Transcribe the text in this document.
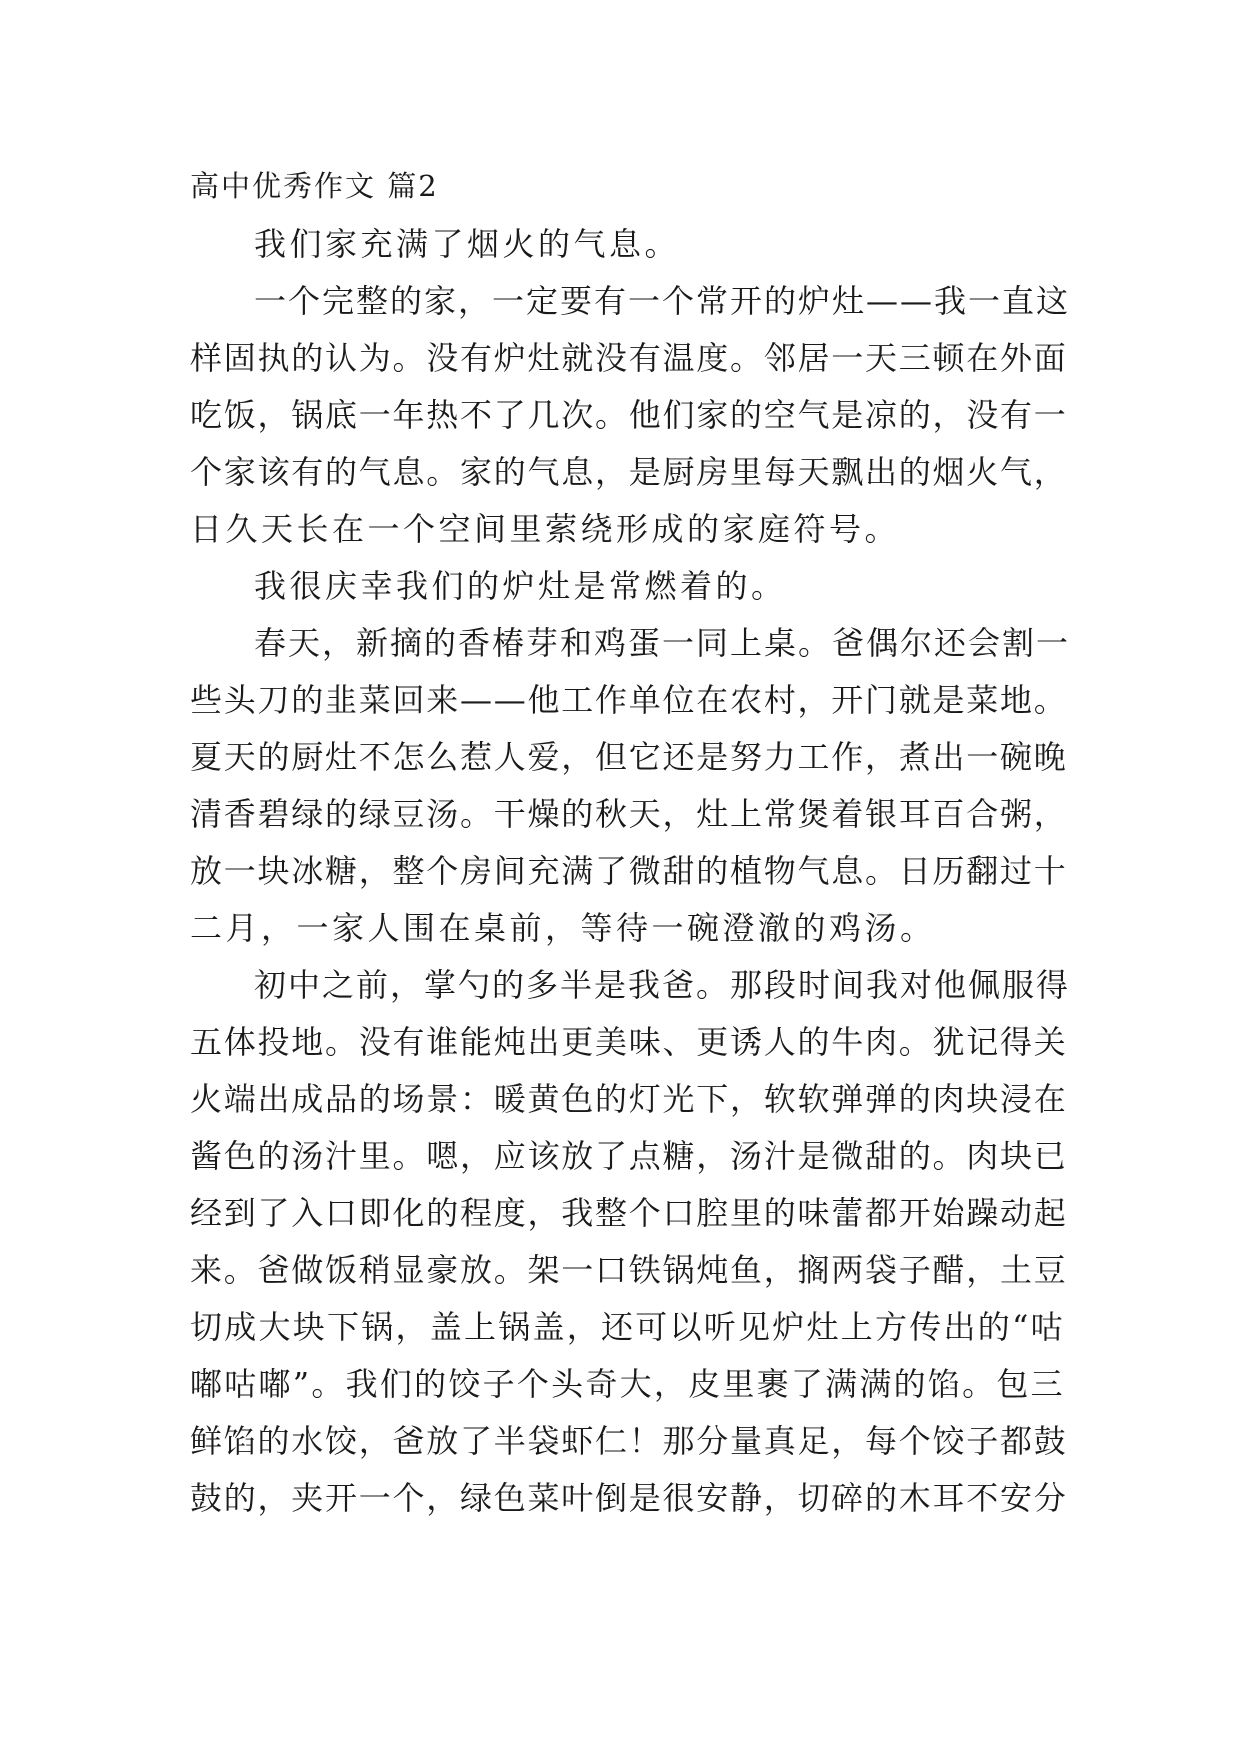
高中优秀作文 篇2

我们家充满了烟火的气息。

一个完整的家，一定要有一个常开的炉灶——我一直这

样固执的认为。没有炉灶就没有温度。邻居一天三顿在外面

吃饭，锅底一年热不了几次。他们家的空气是凉的，没有一

个家该有的气息。家的气息，是厨房里每天飘出的烟火气，

日久天长在一个空间里萦绕形成的家庭符号。

我很庆幸我们的炉灶是常燃着的。

春天，新摘的香椿芽和鸡蛋一同上桌。爸偶尔还会割一

些头刀的韭菜回来——他工作单位在农村，开门就是菜地。

夏天的厨灶不怎么惹人爱，但它还是努力工作，煮出一碗晚

清香碧绿的绿豆汤。干燥的秋天，灶上常煲着银耳百合粥，

放一块冰糖，整个房间充满了微甜的植物气息。日历翻过十

二月，一家人围在桌前，等待一碗澄澈的鸡汤。

初中之前，掌勺的多半是我爸。那段时间我对他佩服得

五体投地。没有谁能炖出更美味、更诱人的牛肉。犹记得关

火端出成品的场景：暖黄色的灯光下，软软弹弹的肉块浸在

酱色的汤汁里。嗯，应该放了点糖，汤汁是微甜的。肉块已

经到了入口即化的程度，我整个口腔里的味蕾都开始躁动起

来。爸做饭稍显豪放。架一口铁锅炖鱼，搁两袋子醋，土豆

切成大块下锅，盖上锅盖，还可以听见炉灶上方传出的“咕

嘟咕嘟”。我们的饺子个头奇大，皮里裹了满满的馅。包三

鲜馅的水饺，爸放了半袋虾仁！那分量真足，每个饺子都鼓

鼓的，夹开一个，绿色菜叶倒是很安静，切碎的木耳不安分
